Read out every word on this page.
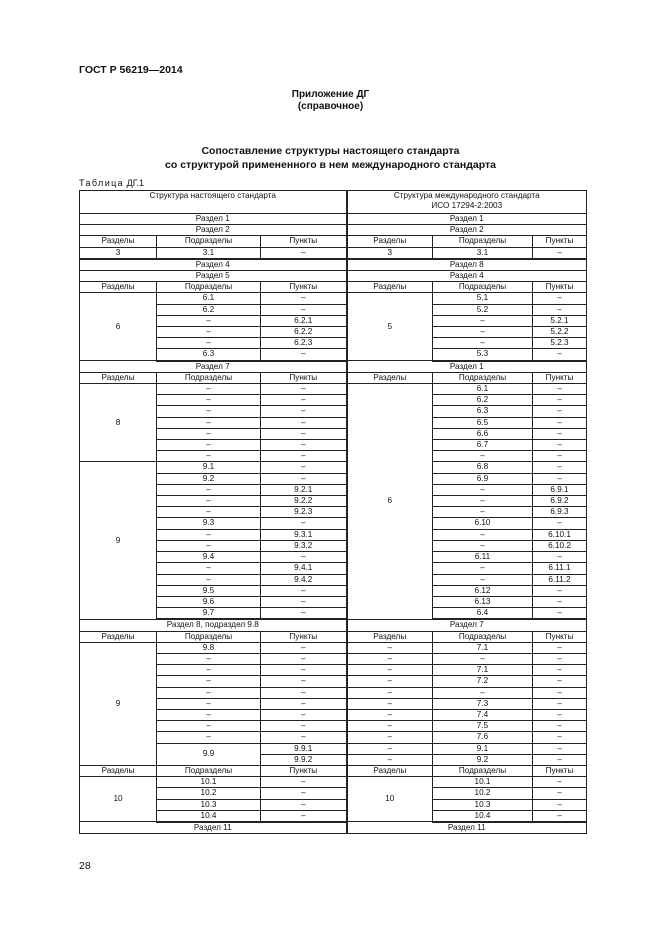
ГОСТ Р 56219—2014
Приложение ДГ
(справочное)
Сопоставление структуры настоящего стандарта
со структурой примененного в нем международного стандарта
Таблица ДГ.1
Структура настоящего стандарта			Структура международного стандарта
ИСО 17294-2:2003		

Раздел 1			Раздел 1		
Раздел 2			Раздел 2		
Разделы	Подразделы	Пункты	Разделы	Подразделы	Пункты
3	3.1	–	3	3.1	–
Раздел 4			Раздел 8		
Раздел 5			Раздел 4		
Разделы	Подразделы	Пункты	Разделы	Подразделы	Пункты
6	6.1	–	5	5.1	–
	6.2	–		5.2	–
	–	6.2.1		–	5.2.1
	–	6.2.2		–	5.2.2
	–	6.2.3		–	5.2.3
	6.3	–		5.3	–
Раздел 7			Раздел 1		
Разделы	Подразделы	Пункты	Разделы	Подразделы	Пункты
8	–	–	6	6.1	–
	–	–		6.2	–
	–	–		6.3	–
	–	–		6.5	–
	–	–		6.6	–
	–	–		6.7	–
	–	–		–	–
9	9.1	–		6.8	–
	9.2	–		6.9	–
	–	9.2.1		–	6.9.1
	–	9.2.2		–	6.9.2
	–	9.2.3		–	6.9.3
	9.3	–		6.10	–
	–	9.3.1		–	6.10.1
	–	9.3.2		–	6.10.2
	9.4	–		6.11	–
	–	9.4.1		–	6.11.1
	–	9.4.2		–	6.11.2
	9.5	–		6.12	–
	9.6	–		6.13	–
	9.7	–		6.4	–
Раздел 8, подраздел 9.8			Раздел 7		
Разделы	Подразделы	Пункты	Разделы	Подразделы	Пункты
9	9.8	–	–	7.1	–
	–	–	–	–	–
	–	–	–	7.1	–
	–	–	–	7.2	–
	–	–	–	–	–
	–	–	–	7.3	–
	–	–	–	7.4	–
	–	–	–	7.5	–
	–	–	–	7.6	–
	9.9	9.9.1	–	9.1	–
		9.9.2	–	9.2	–
Разделы	Подразделы	Пункты	Разделы	Подразделы	Пункты
10	10.1	–	10	10.1	–
	10.2	–		10.2	–
	10.3	–		10.3	–
	10.4	–		10.4	–
Раздел 11			Раздел 11		
28
